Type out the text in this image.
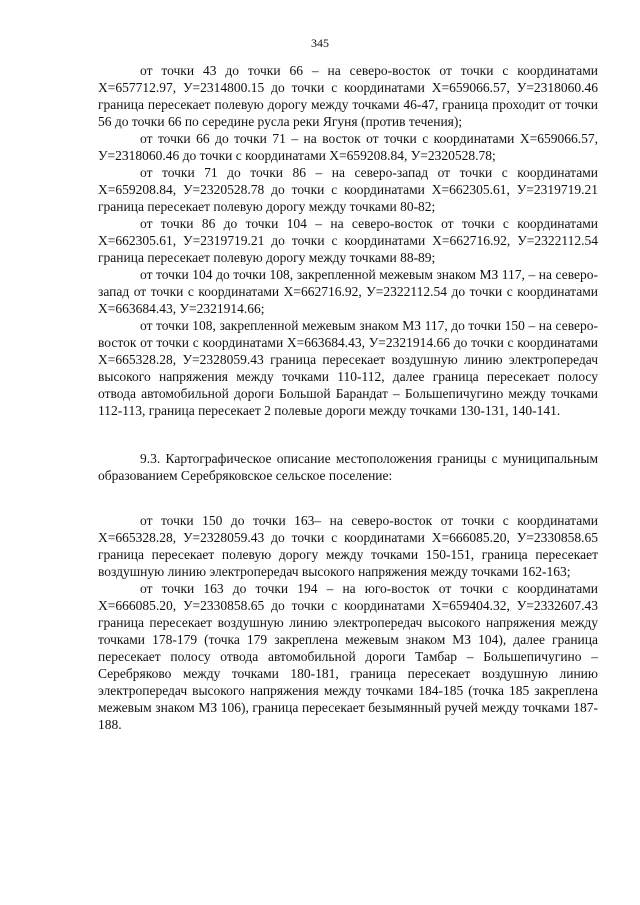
345

от точки 43 до точки 66 – на северо-восток от точки с координатами Х=657712.97, У=2314800.15 до точки с координатами Х=659066.57, У=2318060.46 граница пересекает полевую дорогу между точками 46-47, граница проходит от точки 56 до точки 66 по середине русла реки Ягуня (против течения);

от точки 66 до точки 71 – на восток от точки с координатами Х=659066.57, У=2318060.46 до точки с координатами Х=659208.84, У=2320528.78;

от точки 71 до точки 86 – на северо-запад от точки с координатами Х=659208.84, У=2320528.78 до точки с координатами Х=662305.61, У=2319719.21 граница пересекает полевую дорогу между точками 80-82;

от точки 86 до точки 104 – на северо-восток от точки с координатами Х=662305.61, У=2319719.21 до точки с координатами Х=662716.92, У=2322112.54 граница пересекает полевую дорогу между точками 88-89;

от точки 104 до точки 108, закрепленной межевым знаком МЗ 117, – на северо-запад от точки с координатами Х=662716.92, У=2322112.54 до точки с координатами Х=663684.43, У=2321914.66;

от точки 108, закрепленной межевым знаком МЗ 117, до точки 150 – на северо-восток от точки с координатами Х=663684.43, У=2321914.66 до точки с координатами Х=665328.28, У=2328059.43 граница пересекает воздушную линию электропередач высокого напряжения между точками 110-112, далее граница пересекает полосу отвода автомобильной дороги Большой Барандат – Большепичугино между точками 112-113, граница пересекает 2 полевые дороги между точками 130-131, 140-141.

9.3. Картографическое описание местоположения границы с муниципальным образованием Серебряковское сельское поселение:

от точки 150 до точки 163– на северо-восток от точки с координатами Х=665328.28, У=2328059.43 до точки с координатами Х=666085.20, У=2330858.65 граница пересекает полевую дорогу между точками 150-151, граница пересекает воздушную линию электропередач высокого напряжения между точками 162-163;

от точки 163 до точки 194 – на юго-восток от точки с координатами Х=666085.20, У=2330858.65 до точки с координатами Х=659404.32, У=2332607.43 граница пересекает воздушную линию электропередач высокого напряжения между точками 178-179 (точка 179 закреплена межевым знаком МЗ 104), далее граница пересекает полосу отвода автомобильной дороги Тамбар – Большепичугино – Серебряково между точками 180-181, граница пересекает воздушную линию электропередач высокого напряжения между точками 184-185 (точка 185 закреплена межевым знаком МЗ 106), граница пересекает безымянный ручей между точками 187-188.
